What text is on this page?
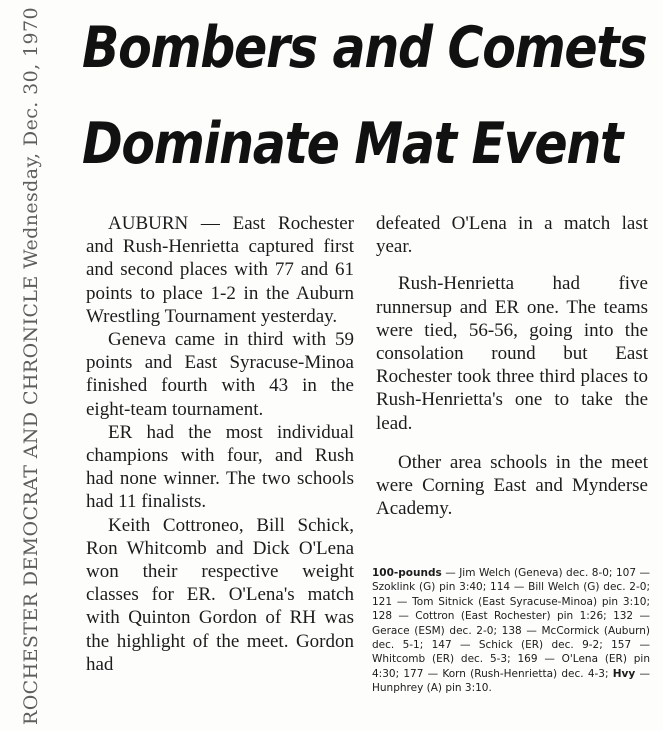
ROCHESTER DEMOCRAT AND CHRONICLE Wednesday, Dec. 30, 1970 Bombers and Comets
Dominate Mat Event

AUBURN — East Rochester and Rush-Henrietta captured first and second places with 77 and 61 points to place 1-2 in the Auburn Wrestling Tournament yesterday.

Geneva came in third with 59 points and East Syracuse-Minoa finished fourth with 43 in the eight-team tournament.

ER had the most individual champions with four, and Rush had none winner. The two schools had 11 finalists.

Keith Cottroneo, Bill Schick, Ron Whitcomb and Dick O'Lena won their respective weight classes for ER. O'Lena's match with Quinton Gordon of RH was the highlight of the meet. Gordon had

defeated O'Lena in a match last year.

Rush-Henrietta had five runnersup and ER one. The teams were tied, 56-56, going into the consolation round but East Rochester took three third places to Rush-Henrietta's one to take the lead.

Other area schools in the meet were Corning East and Mynderse Academy.

100-pounds — Jim Welch (Geneva) dec. 8-0; 107 — Szoklink (G) pin 3:40; 114 — Bill Welch (G) dec. 2-0; 121 — Tom Sitnick (East Syracuse-Minoa) pin 3:10; 128 — Cottron (East Rochester) pin 1:26; 132 — Gerace (ESM) dec. 2-0; 138 — McCormick (Auburn) dec. 5-1; 147 — Schick (ER) dec. 9-2; 157 — Whitcomb (ER) dec. 5-3; 169 — O'Lena (ER) pin 4:30; 177 — Korn (Rush-Henrietta) dec. 4-3; Hvy — Hunphrey (A) pin 3:10.
